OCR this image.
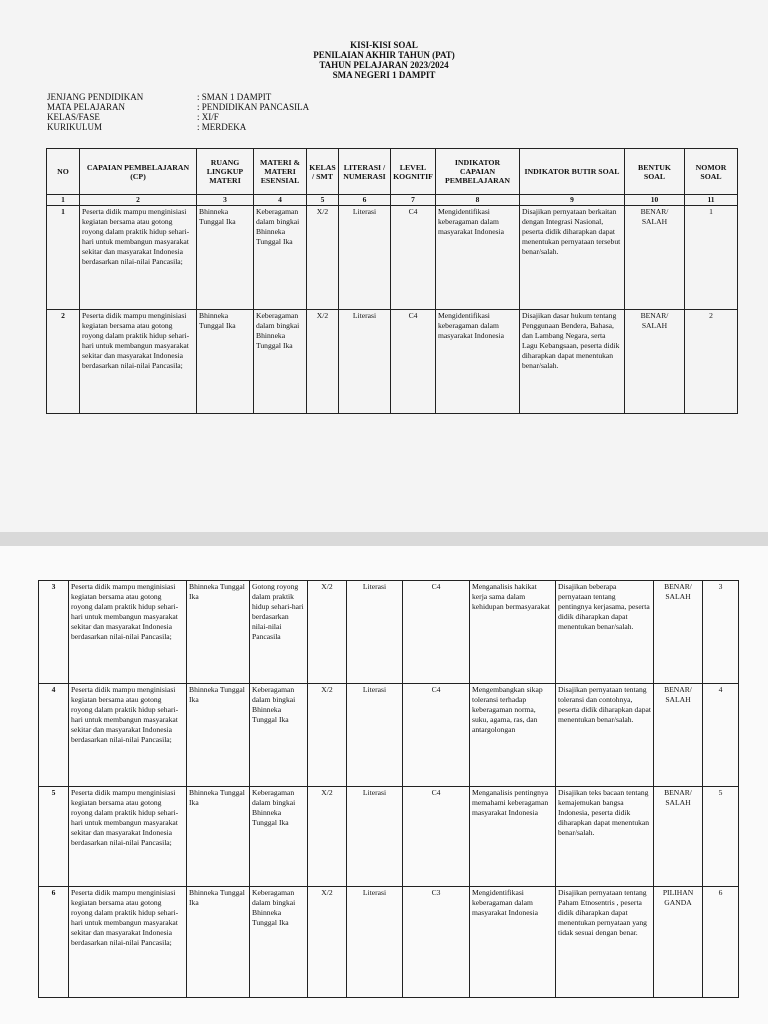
KISI-KISI SOAL
PENILAIAN AKHIR TAHUN (PAT)
TAHUN PELAJARAN 2023/2024
SMA NEGERI 1 DAMPIT
JENJANG PENDIDIKAN	: SMAN 1 DAMPIT
MATA PELAJARAN	: PENDIDIKAN PANCASILA
KELAS/FASE	: XI/F
KURIKULUM	: MERDEKA
NO	CAPAIAN PEMBELAJARAN (CP)	RUANG LINGKUP MATERI	MATERI & MATERI ESENSIAL	KELAS/ SMT	LITERASI / NUMERASI	LEVEL KOGNITIF	INDIKATOR CAPAIAN PEMBELAJARAN	INDIKATOR BUTIR SOAL	BENTUK SOAL	NOMOR SOAL
1	2	3	4	5	6	7	8	9	10	11
1	Peserta didik mampu menginisiasi kegiatan bersama atau gotong royong dalam praktik hidup sehari-hari untuk membangun masyarakat sekitar dan masyarakat Indonesia berdasarkan nilai-nilai Pancasila;	Bhinneka Tunggal Ika	Keberagaman dalam bingkai Bhinneka Tunggal Ika	X/2	Literasi	C4	Mengidentifikasi keberagaman dalam masyarakat Indonesia	Disajikan pernyataan berkaitan dengan Integrasi Nasional, peserta didik diharapkan dapat menentukan pernyataan tersebut benar/salah.	BENAR/ SALAH	1
2	Peserta didik mampu menginisiasi kegiatan bersama atau gotong royong dalam praktik hidup sehari-hari untuk membangun masyarakat sekitar dan masyarakat Indonesia berdasarkan nilai-nilai Pancasila;	Bhinneka Tunggal Ika	Keberagaman dalam bingkai Bhinneka Tunggal Ika	X/2	Literasi	C4	Mengidentifikasi keberagaman dalam masyarakat Indonesia	Disajikan dasar hukum tentang Penggunaan Bendera, Bahasa, dan Lambang Negara, serta Lagu Kebangsaan, peserta didik diharapkan dapat menentukan benar/salah.	BENAR/ SALAH	2
3	Peserta didik mampu menginisiasi kegiatan bersama atau gotong royong dalam praktik hidup sehari-hari untuk membangun masyarakat sekitar dan masyarakat Indonesia berdasarkan nilai-nilai Pancasila;	Bhinneka Tunggal Ika	Gotong royong dalam praktik hidup sehari-hari berdasarkan nilai-nilai Pancasila	X/2	Literasi	C4	Menganalisis hakikat kerja sama dalam kehidupan bermasyarakat	Disajikan beberapa pernyataan tentang pentingnya kerjasama, peserta didik diharapkan dapat menentukan benar/salah.	BENAR/ SALAH	3
4	Peserta didik mampu menginisiasi kegiatan bersama atau gotong royong dalam praktik hidup sehari-hari untuk membangun masyarakat sekitar dan masyarakat Indonesia berdasarkan nilai-nilai Pancasila;	Bhinneka Tunggal Ika	Keberagaman dalam bingkai Bhinneka Tunggal Ika	X/2	Literasi	C4	Mengembangkan sikap toleransi terhadap keberagaman norma, suku, agama, ras, dan antargolongan	Disajikan pernyataan tentang toleransi dan contohnya, peserta didik diharapkan dapat menentukan benar/salah.	BENAR/ SALAH	4
5	Peserta didik mampu menginisiasi kegiatan bersama atau gotong royong dalam praktik hidup sehari-hari untuk membangun masyarakat sekitar dan masyarakat Indonesia berdasarkan nilai-nilai Pancasila;	Bhinneka Tunggal Ika	Keberagaman dalam bingkai Bhinneka Tunggal Ika	X/2	Literasi	C4	Menganalisis pentingnya memahami keberagaman masyarakat Indonesia	Disajikan teks bacaan tentang kemajemukan bangsa Indonesia, peserta didik diharapkan dapat menentukan benar/salah.	BENAR/ SALAH	5
6	Peserta didik mampu menginisiasi kegiatan bersama atau gotong royong dalam praktik hidup sehari-hari untuk membangun masyarakat sekitar dan masyarakat Indonesia berdasarkan nilai-nilai Pancasila;	Bhinneka Tunggal Ika	Keberagaman dalam bingkai Bhinneka Tunggal Ika	X/2	Literasi	C3	Mengidentifikasi keberagaman dalam masyarakat Indonesia	Disajikan pernyataan tentang Paham Etnosentris , peserta didik diharapkan dapat menentukan pernyataan yang tidak sesuai dengan benar.	PILIHAN GANDA	6
